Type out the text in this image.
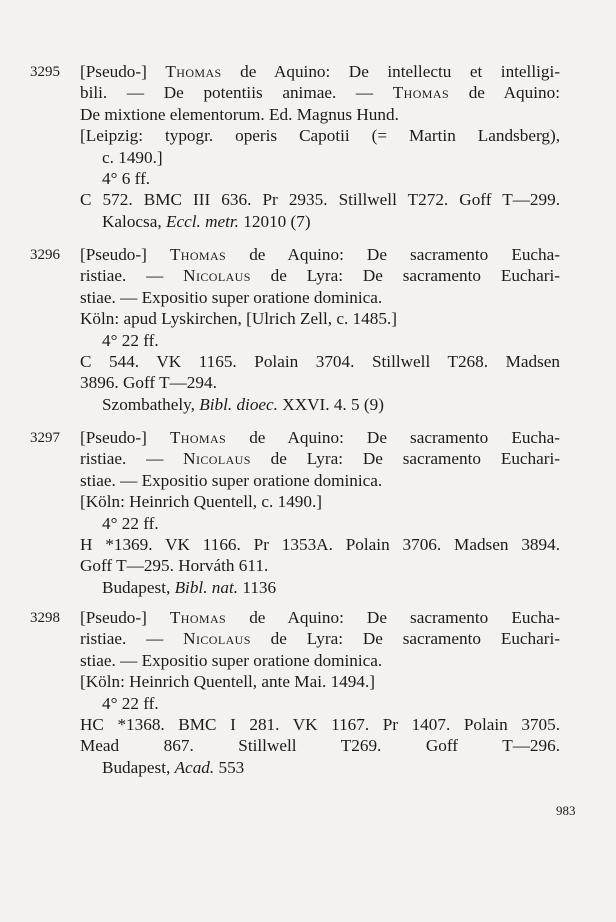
3295 [Pseudo-] Thomas de Aquino: De intellectu et intelligi-
bili. — De potentiis animae. — Thomas de Aquino:
De mixtione elementorum. Ed. Magnus Hund.
[Leipzig: typogr. operis Capotii (= Martin Landsberg),
c. 1490.]
4° 6 ff.
C 572. BMC III 636. Pr 2935. Stillwell T272. Goff T—299.
Kalocsa, Eccl. metr. 12010 (7)
3296 [Pseudo-] Thomas de Aquino: De sacramento Eucha-
ristiae. — Nicolaus de Lyra: De sacramento Euchari-
stiae. — Expositio super oratione dominica.
Köln: apud Lyskirchen, [Ulrich Zell, c. 1485.]
4° 22 ff.
C 544. VK 1165. Polain 3704. Stillwell T268. Madsen
3896. Goff T—294.
Szombathely, Bibl. dioec. XXVI. 4. 5 (9)
3297 [Pseudo-] Thomas de Aquino: De sacramento Eucha-
ristiae. — Nicolaus de Lyra: De sacramento Euchari-
stiae. — Expositio super oratione dominica.
[Köln: Heinrich Quentell, c. 1490.]
4° 22 ff.
H *1369. VK 1166. Pr 1353A. Polain 3706. Madsen 3894.
Goff T—295. Horváth 611.
Budapest, Bibl. nat. 1136
3298 [Pseudo-] Thomas de Aquino: De sacramento Eucha-
ristiae. — Nicolaus de Lyra: De sacramento Euchari-
stiae. — Expositio super oratione dominica.
[Köln: Heinrich Quentell, ante Mai. 1494.]
4° 22 ff.
HC *1368. BMC I 281. VK 1167. Pr 1407. Polain 3705.
Mead 867. Stillwell T269. Goff T—296.
Budapest, Acad. 553
983
